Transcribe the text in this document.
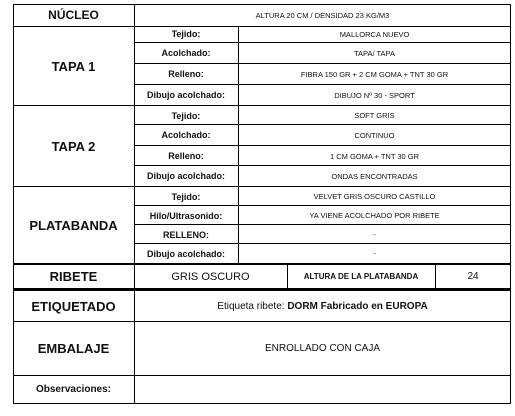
NÚCLEO	ALTURA 20 CM / DENSIDAD 23 KG/M3
TAPA 1
Tejido:	MALLORCA NUEVO
Acolchado:	TAPA/ TAPA
Relleno:	FIBRA 150 GR + 2 CM GOMA + TNT 30 GR
Dibujo acolchado:	DIBUJO Nº 30 - SPORT
TAPA 2
Tejido:	SOFT GRIS
Acolchado:	CONTINUO
Relleno:	1 CM GOMA + TNT 30 GR
Dibujo acolchado:	ONDAS ENCONTRADAS
PLATABANDA
Tejido:	VELVET GRIS OSCURO CASTILLO
Hilo/Ultrasonido:	YA VIENE ACOLCHADO POR RIBETE
RELLENO:	-
Dibujo acolchado:	-
RIBETE	GRIS OSCURO	ALTURA DE LA PLATABANDA	24
ETIQUETADO	Etiqueta ribete: DORM Fabricado en EUROPA
EMBALAJE	ENROLLADO CON CAJA
Observaciones:
